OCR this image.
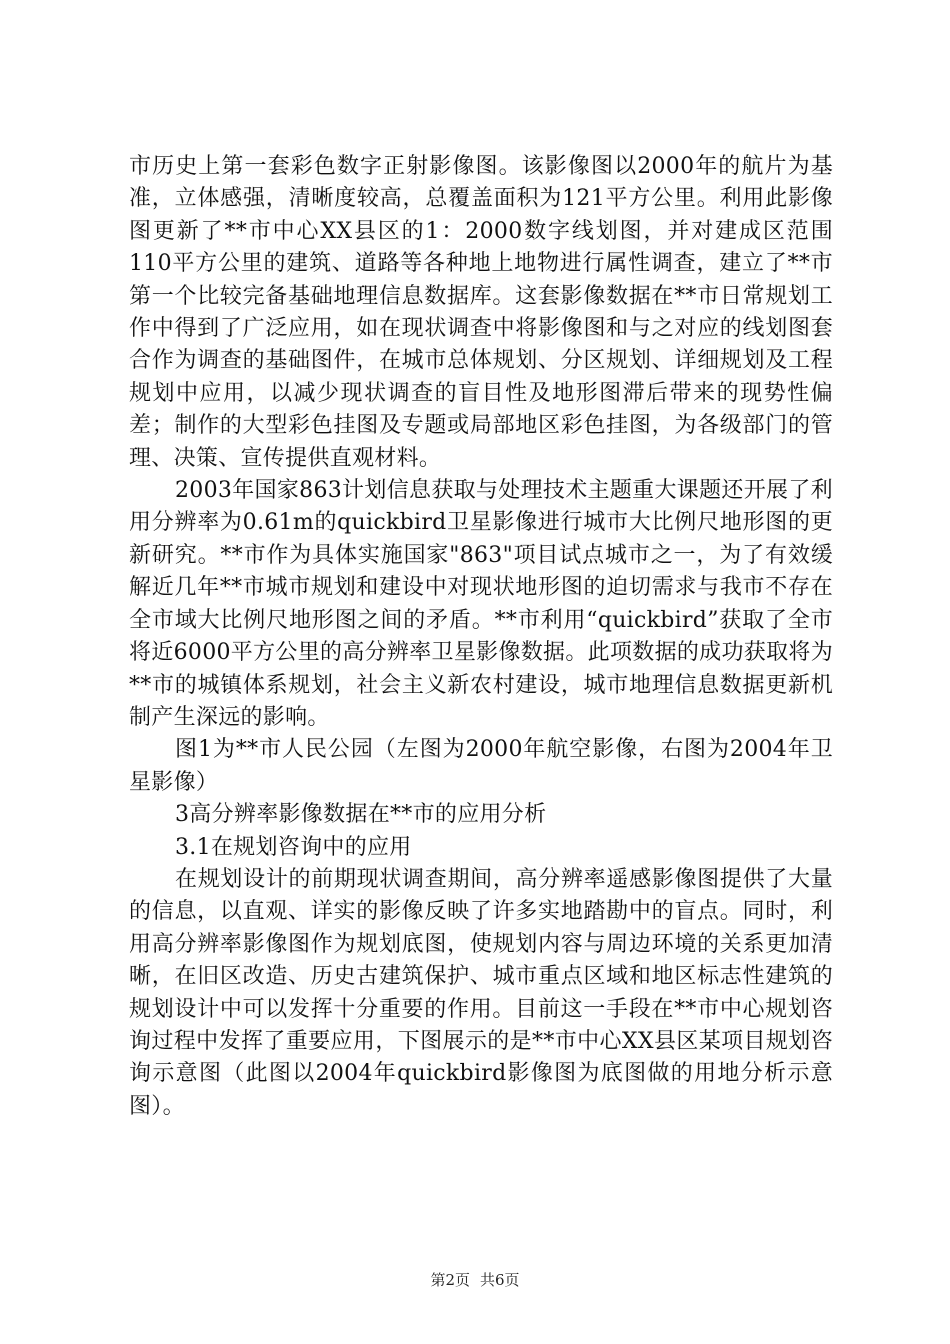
市历史上第一套彩色数字正射影像图。该影像图以2000年的航片为基准，立体感强，清晰度较高，总覆盖面积为121平方公里。利用此影像图更新了**市中心XX县区的1：2000数字线划图，并对建成区范围110平方公里的建筑、道路等各种地上地物进行属性调查，建立了**市第一个比较完备基础地理信息数据库。这套影像数据在**市日常规划工作中得到了广泛应用，如在现状调查中将影像图和与之对应的线划图套合作为调查的基础图件，在城市总体规划、分区规划、详细规划及工程规划中应用，以减少现状调查的盲目性及地形图滞后带来的现势性偏差；制作的大型彩色挂图及专题或局部地区彩色挂图，为各级部门的管理、决策、宣传提供直观材料。

2003年国家863计划信息获取与处理技术主题重大课题还开展了利用分辨率为0.61m的quickbird卫星影像进行城市大比例尺地形图的更新研究。**市作为具体实施国家"863"项目试点城市之一，为了有效缓解近几年**市城市规划和建设中对现状地形图的迫切需求与我市不存在全市域大比例尺地形图之间的矛盾。**市利用“quickbird”获取了全市将近6000平方公里的高分辨率卫星影像数据。此项数据的成功获取将为**市的城镇体系规划，社会主义新农村建设，城市地理信息数据更新机制产生深远的影响。

图1为**市人民公园（左图为2000年航空影像，右图为2004年卫星影像）

3高分辨率影像数据在**市的应用分析

3.1在规划咨询中的应用

在规划设计的前期现状调查期间，高分辨率遥感影像图提供了大量的信息，以直观、详实的影像反映了许多实地踏勘中的盲点。同时，利用高分辨率影像图作为规划底图，使规划内容与周边环境的关系更加清晰，在旧区改造、历史古建筑保护、城市重点区域和地区标志性建筑的规划设计中可以发挥十分重要的作用。目前这一手段在**市中心规划咨询过程中发挥了重要应用，下图展示的是**市中心XX县区某项目规划咨询示意图（此图以2004年quickbird影像图为底图做的用地分析示意图）。

第2页 共6页
